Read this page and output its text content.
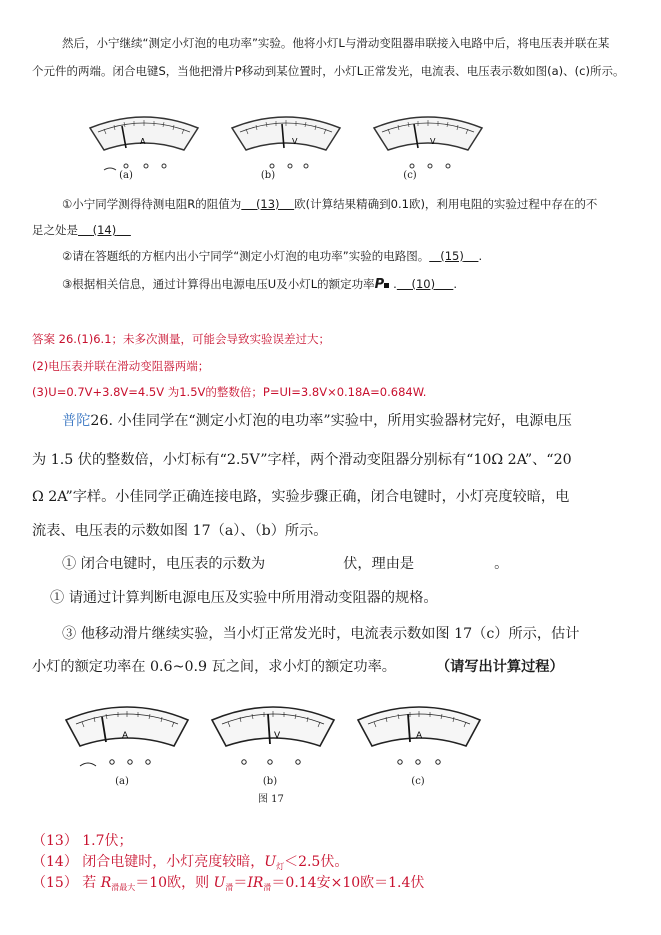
然后，小宁继续“测定小灯泡的电功率”实验。他将小灯L与滑动变阻器串联接入电路中后，将电压表并联在某
个元件的两端。闭合电键S，当他把滑片P移动到某位置时，小灯L正常发光，电流表、电压表示数如图(a)、(c)所示。
A
(a)
V
(b)
V
(c)
①小宁同学测得待测电阻R的阻值为 (13) 欧(计算结果精确到0.1欧)，利用电阻的实验过程中存在的不
足之处是 (14)
②请在答题纸的方框内出小宁同学“测定小灯泡的电功率”实验的电路图。 (15) .
③根据相关信息，通过计算得出电源电压U及小灯L的额定功率P . (10) .
答案 26.(1)6.1；未多次测量，可能会导致实验误差过大；
(2)电压表并联在滑动变阻器两端；
(3)U=0.7V+3.8V=4.5V 为1.5V的整数倍；P=UI=3.8V×0.18A=0.684W.
普陀26. 小佳同学在“测定小灯泡的电功率”实验中，所用实验器材完好，电源电压
为 1.5 伏的整数倍，小灯标有“2.5V”字样，两个滑动变阻器分别标有“10Ω 2A”、“20
Ω 2A”字样。小佳同学正确连接电路，实验步骤正确，闭合电键时，小灯亮度较暗，电
流表、电压表的示数如图 17（a）、（b）所示。
① 闭合电键时，电压表的示数为	伏，理由是	。
① 请通过计算判断电源电压及实验中所用滑动变阻器的规格。
③ 他移动滑片继续实验，当小灯正常发光时，电流表示数如图 17（c）所示，估计
小灯的额定功率在 0.6~0.9 瓦之间，求小灯的额定功率。	（请写出计算过程）
A
(a)
V
(b)
图 17
A
(c)
（13） 1.7伏；
（14） 闭合电键时，小灯亮度较暗，$U_灯<2.5$伏。
（15） 若 $R_{滑最大}=10$欧，则 $U_滑=IR_滑=0.14$安×10欧＝1.4伏
